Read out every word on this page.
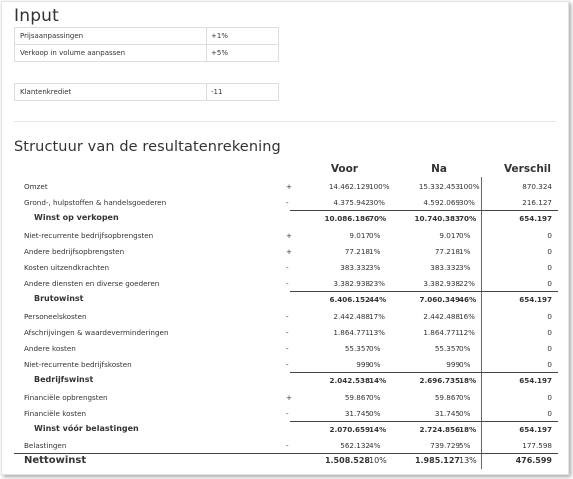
Input
Prijsaanpassingen	+1%
Verkoop in volume aanpassen	+5%
Klantenkrediet	-11
Structuur van de resultatenrekening
Voor	Na	Verschil
Omzet	+	14.462.129 100%	15.332.453 100%	870.324
Grond-, hulpstoffen & handelsgoederen	-	4.375.942 30%	4.592.069 30%	216.127
Winst op verkopen	10.086.186 70%	10.740.383 70%	654.197
Niet-recurrente bedrijfsopbrengsten	+	9.017 0%	9.017 0%	0
Andere bedrijfsopbrengsten	+	77.218 1%	77.218 1%	0
Kosten uitzendkrachten	-	383.332 3%	383.332 3%	0
Andere diensten en diverse goederen	-	3.382.938 23%	3.382.938 22%	0
Brutowinst	6.406.152 44%	7.060.349 46%	654.197
Personeelskosten	-	2.442.488 17%	2.442.488 16%	0
Afschrijvingen & waardeverminderingen	-	1.864.771 13%	1.864.771 12%	0
Andere kosten	-	55.357 0%	55.357 0%	0
Niet-recurrente bedrijfskosten	-	999 0%	999 0%	0
Bedrijfswinst	2.042.538 14%	2.696.735 18%	654.197
Financiële opbrengsten	+	59.867 0%	59.867 0%	0
Financiële kosten	-	31.745 0%	31.745 0%	0
Winst vóór belastingen	2.070.659 14%	2.724.856 18%	654.197
Belastingen	-	562.132 4%	739.729 5%	177.598
Nettowinst	1.508.528 10%	1.985.127 13%	476.599
